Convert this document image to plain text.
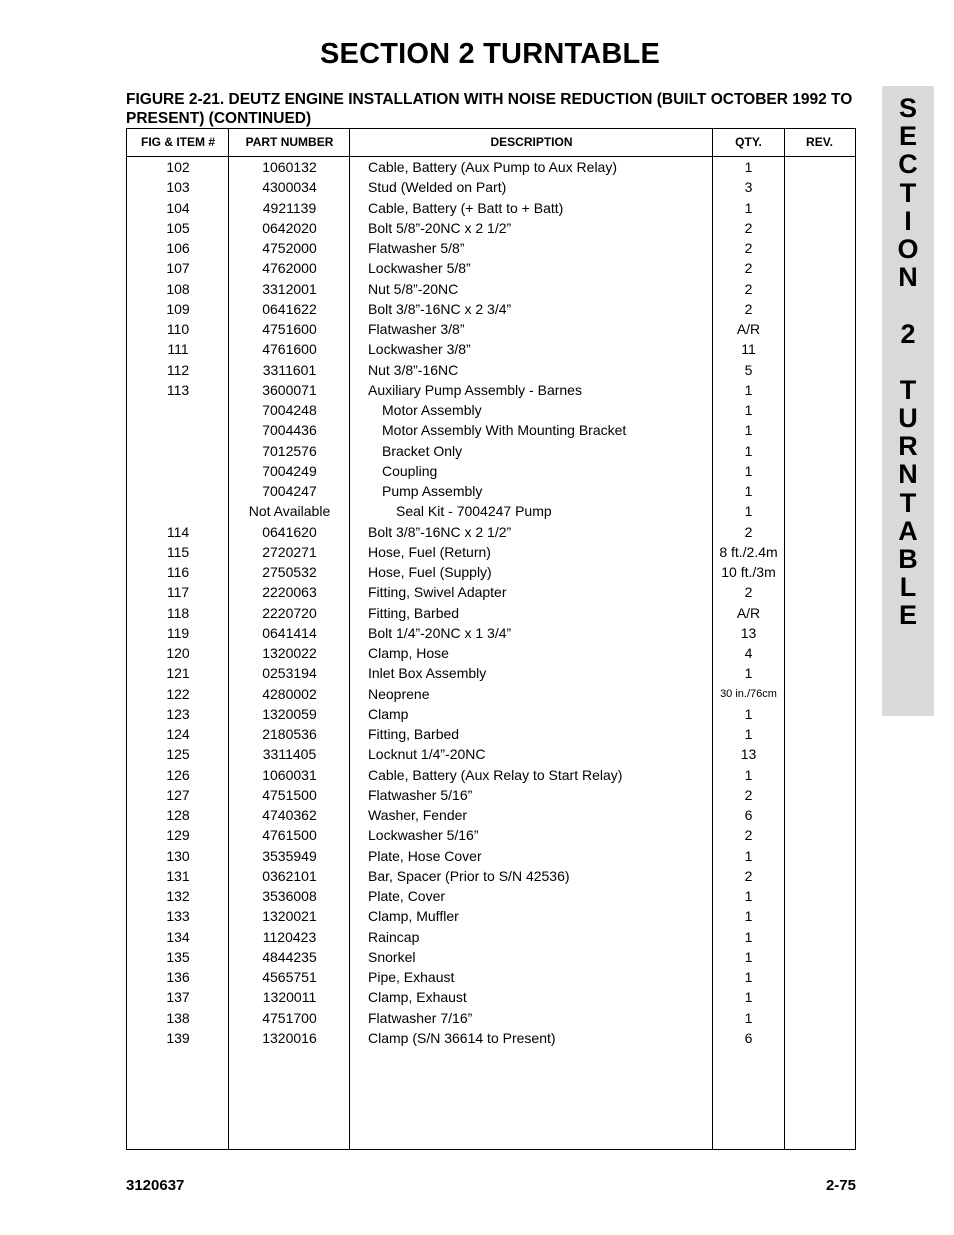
SECTION 2 TURNTABLE
FIGURE 2-21. DEUTZ ENGINE INSTALLATION WITH NOISE REDUCTION (BUILT OCTOBER 1992 TO PRESENT) (CONTINUED)	S
E
C
T
I
O
N
2
T
U
R
N
T
A
B
L
E
FIG & ITEM #	PART NUMBER	DESCRIPTION	QTY.	REV.
102	1060132	Cable, Battery (Aux Pump to Aux Relay)	1
103	4300034	Stud (Welded on Part)	3
104	4921139	Cable, Battery (+ Batt to + Batt)	1
105	0642020	Bolt 5/8”-20NC x 2 1/2”	2
106	4752000	Flatwasher 5/8”	2
107	4762000	Lockwasher 5/8”	2
108	3312001	Nut 5/8”-20NC	2
109	0641622	Bolt 3/8”-16NC x 2 3/4”	2
110	4751600	Flatwasher 3/8”	A/R
111	4761600	Lockwasher 3/8”	11
112	3311601	Nut 3/8”-16NC	5
113	3600071	Auxiliary Pump Assembly - Barnes	1
7004248	Motor Assembly	1
7004436	Motor Assembly With Mounting Bracket	1
7012576	Bracket Only	1
7004249	Coupling	1
7004247	Pump Assembly	1
Not Available	Seal Kit - 7004247 Pump	1
114	0641620	Bolt 3/8”-16NC x 2 1/2”	2
115	2720271	Hose, Fuel (Return)	8 ft./2.4m
116	2750532	Hose, Fuel (Supply)	10 ft./3m
117	2220063	Fitting, Swivel Adapter	2
118	2220720	Fitting, Barbed	A/R
119	0641414	Bolt 1/4”-20NC x 1 3/4”	13
120	1320022	Clamp, Hose	4
121	0253194	Inlet Box Assembly	1
122	4280002	Neoprene	30 in./76cm
123	1320059	Clamp	1
124	2180536	Fitting, Barbed	1
125	3311405	Locknut 1/4”-20NC	13
126	1060031	Cable, Battery (Aux Relay to Start Relay)	1
127	4751500	Flatwasher 5/16”	2
128	4740362	Washer, Fender	6
129	4761500	Lockwasher 5/16”	2
130	3535949	Plate, Hose Cover	1
131	0362101	Bar, Spacer (Prior to S/N 42536)	2
132	3536008	Plate, Cover	1
133	1320021	Clamp, Muffler	1
134	1120423	Raincap	1
135	4844235	Snorkel	1
136	4565751	Pipe, Exhaust	1
137	1320011	Clamp, Exhaust	1
138	4751700	Flatwasher 7/16”	1
139	1320016	Clamp (S/N 36614 to Present)	6
3120637	2-75
